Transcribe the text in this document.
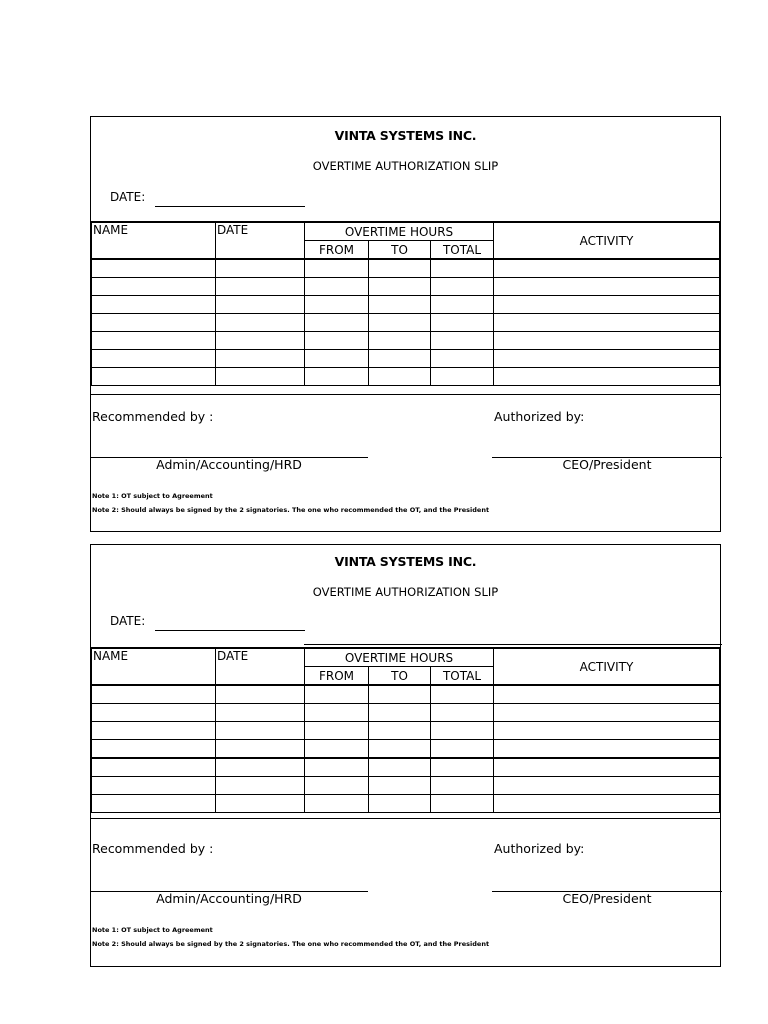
VINTA SYSTEMS INC.
OVERTIME AUTHORIZATION SLIP
DATE:
NAME	DATE	OVERTIME HOURS			ACTIVITY
		FROM	TO	TOTAL	

Recommended by :	Authorized by:
Admin/Accounting/HRD	CEO/President
Note 1: OT subject to Agreement
Note 2: Should always be signed by the 2 signatories. The one who recommended the OT, and the President
VINTA SYSTEMS INC.
OVERTIME AUTHORIZATION SLIP
DATE:
NAME	DATE	OVERTIME HOURS			ACTIVITY
		FROM	TO	TOTAL	

Recommended by :	Authorized by:
Admin/Accounting/HRD	CEO/President
Note 1: OT subject to Agreement
Note 2: Should always be signed by the 2 signatories. The one who recommended the OT, and the President
